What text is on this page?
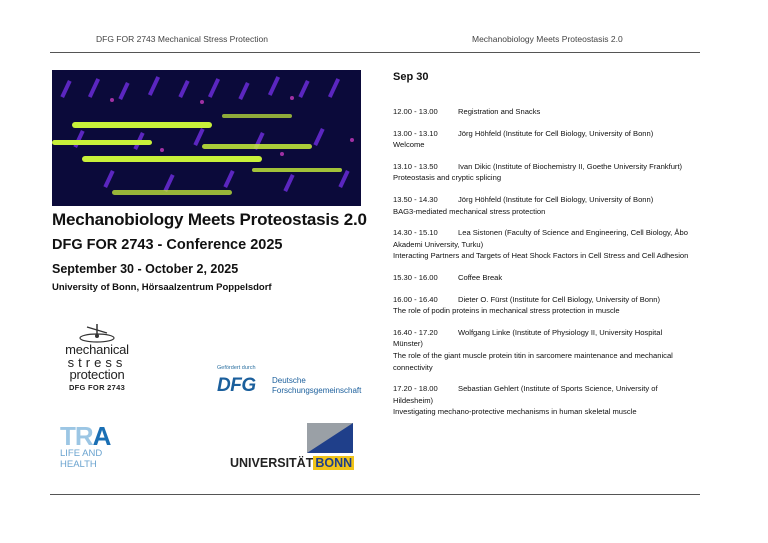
DFG FOR 2743 Mechanical Stress Protection	Mechanobiology Meets Proteostasis 2.0
Mechanobiology Meets Proteostasis 2.0
DFG FOR 2743 - Conference 2025
September 30 - October 2, 2025
University of Bonn, Hörsaalzentrum Poppelsdorf
Sep 30
12.00 - 13.00	Registration and Snacks
13.00 - 13.10	Jörg Höhfeld (Institute for Cell Biology, University of Bonn)
Welcome
13.10 - 13.50	Ivan Dikic (Institute of Biochemistry II, Goethe University Frankfurt)
Proteostasis and cryptic splicing
13.50 - 14.30	Jörg Höhfeld (Institute for Cell Biology, University of Bonn)
BAG3-mediated mechanical stress protection
14.30 - 15.10	Lea Sistonen (Faculty of Science and Engineering, Cell Biology, Åbo Akademi University, Turku)
Interacting Partners and Targets of Heat Shock Factors in Cell Stress and Cell Adhesion
15.30 - 16.00	Coffee Break
16.00 - 16.40	Dieter O. Fürst (Institute for Cell Biology, University of Bonn)
The role of podin proteins in mechanical stress protection in muscle
16.40 - 17.20	Wolfgang Linke (Institute of Physiology II, University Hospital Münster)
The role of the giant muscle protein titin in sarcomere maintenance and mechanical connectivity
17.20 - 18.00	Sebastian Gehlert (Institute of Sports Science, University of Hildesheim)
Investigating mechano-protective mechanisms in human skeletal muscle
mechanical
stress
protection
DFG FOR 2743
Gefördert durch
DFG Deutsche
Forschungsgemeinschaft
TRA
LIFE AND
HEALTH	UNIVERSITÄT BONN
